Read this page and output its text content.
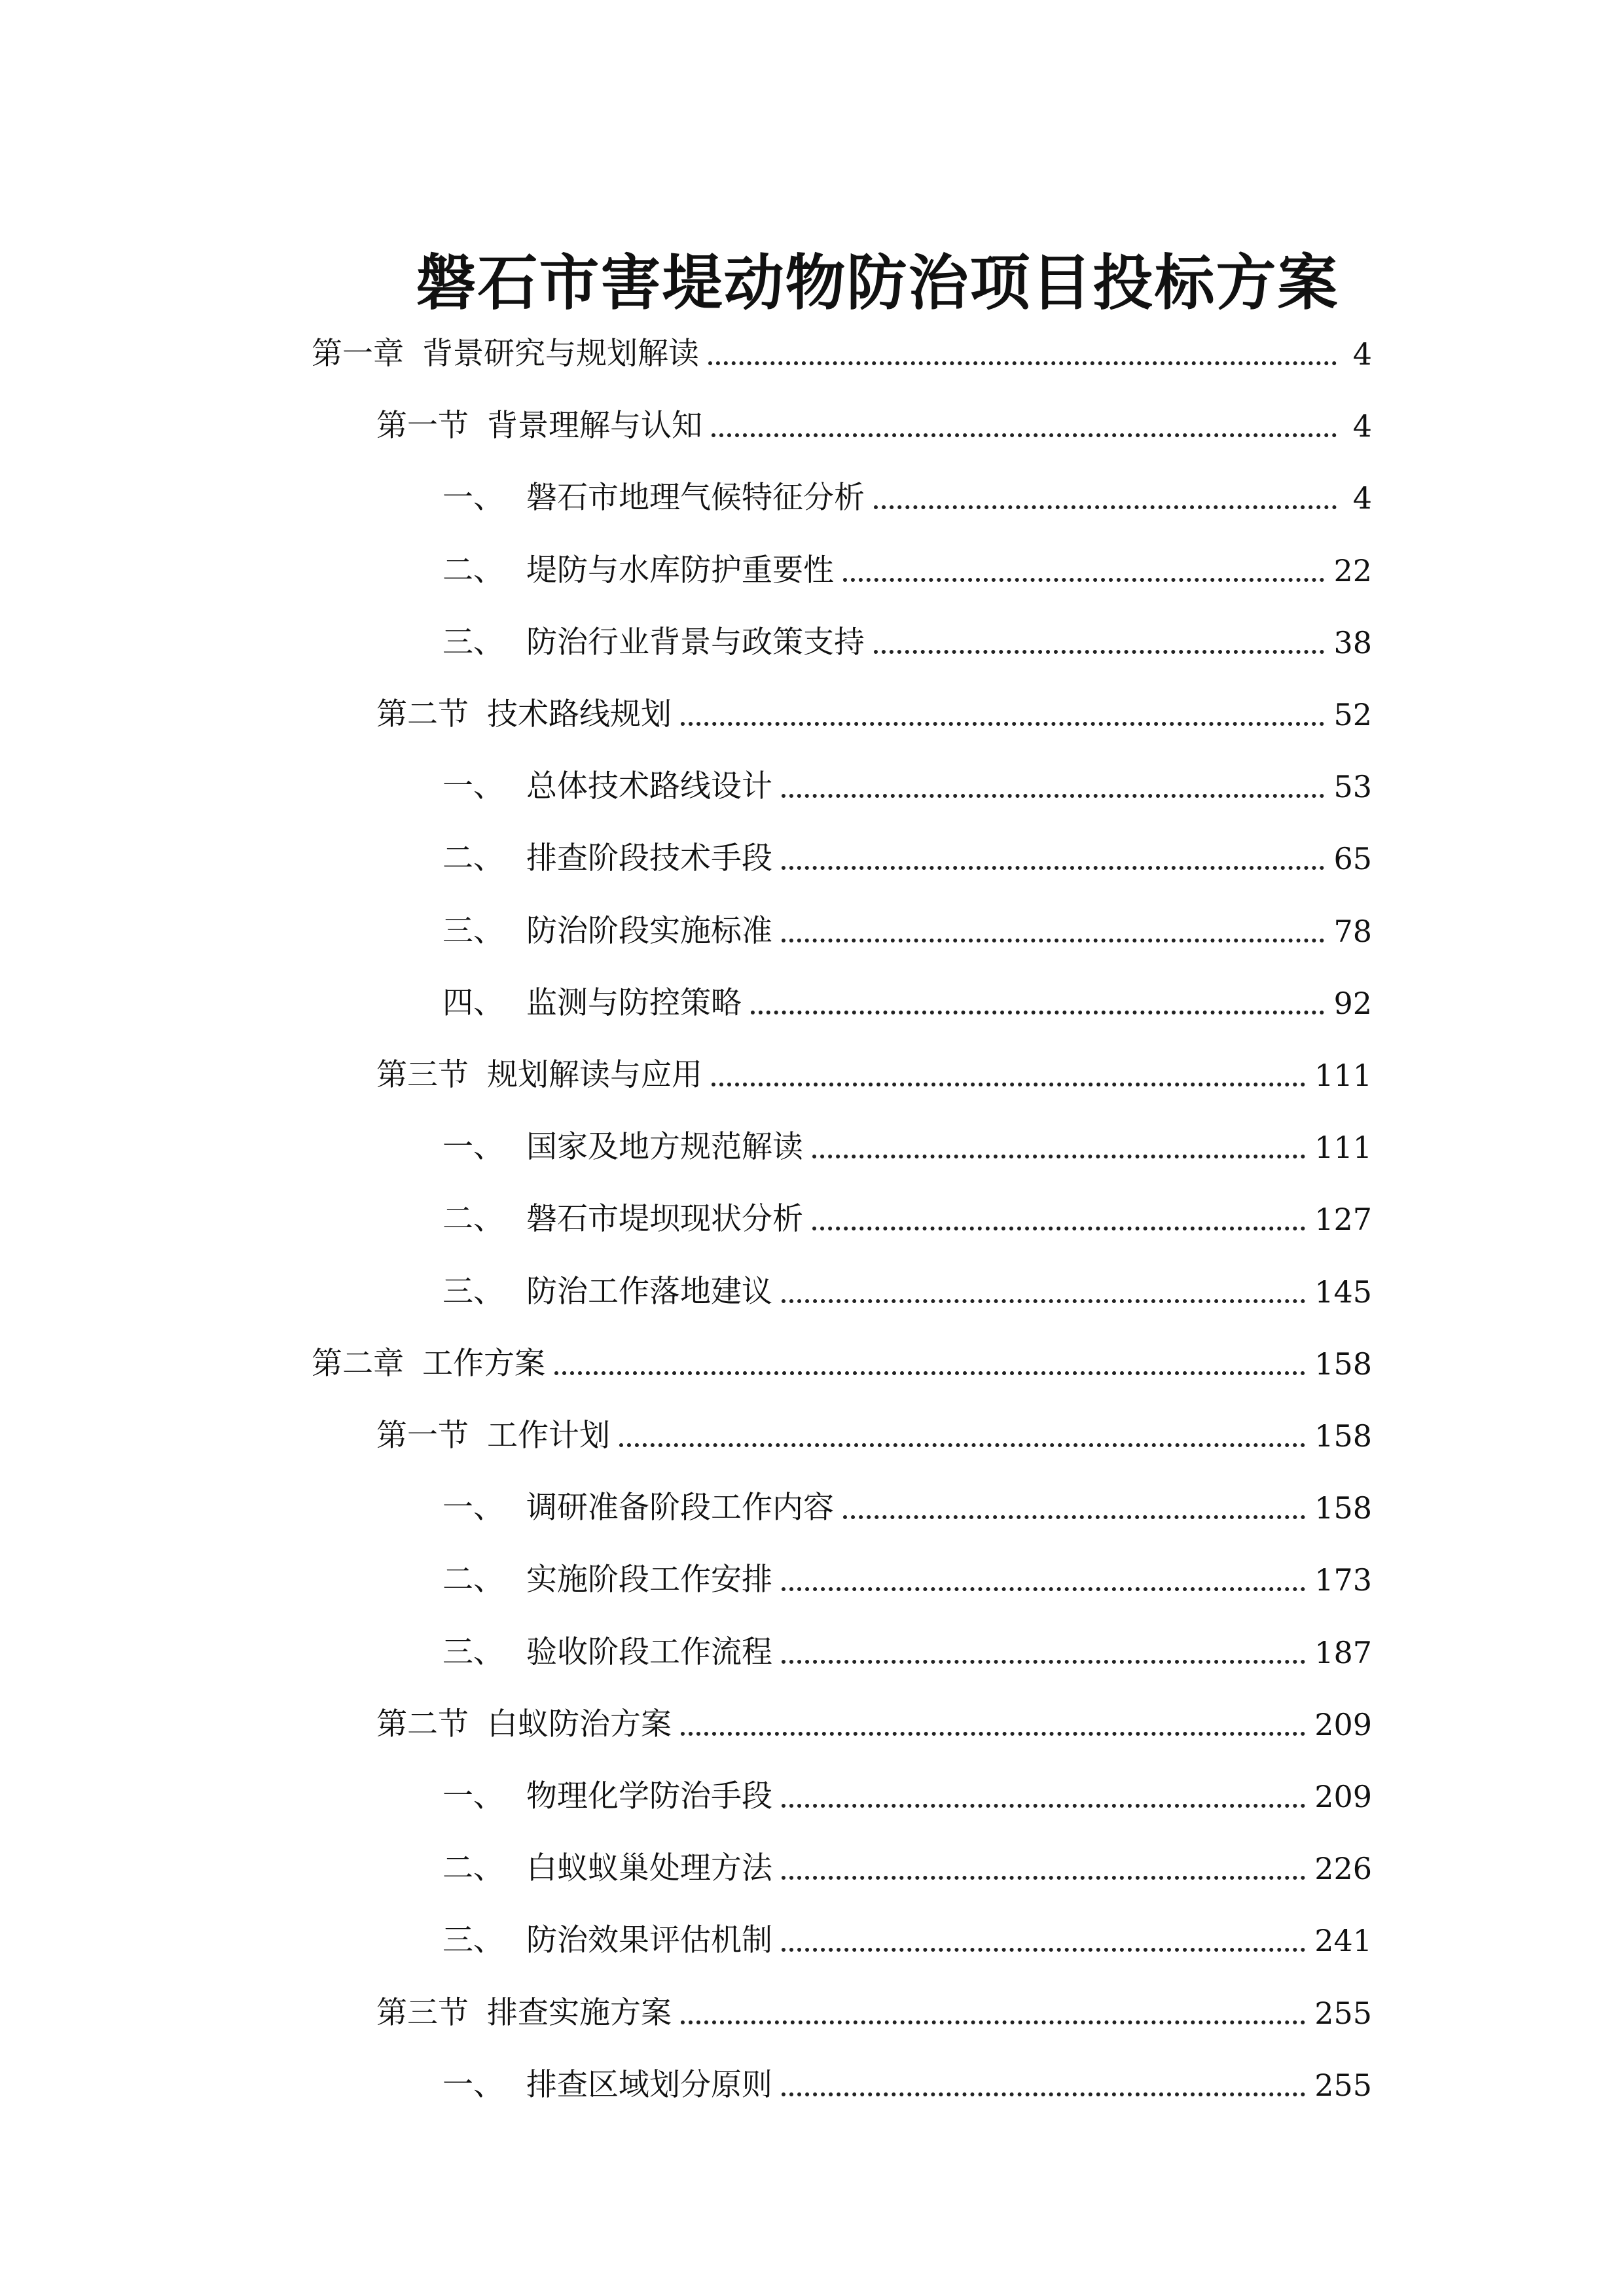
磐石市害堤动物防治项目投标方案
第一章 背景研究与规划解读	4
第一节 背景理解与认知	4
一、 磐石市地理气候特征分析	4
二、 堤防与水库防护重要性	22
三、 防治行业背景与政策支持	38
第二节 技术路线规划	52
一、 总体技术路线设计	53
二、 排查阶段技术手段	65
三、 防治阶段实施标准	78
四、 监测与防控策略	92
第三节 规划解读与应用	111
一、 国家及地方规范解读	111
二、 磐石市堤坝现状分析	127
三、 防治工作落地建议	145
第二章 工作方案	158
第一节 工作计划	158
一、 调研准备阶段工作内容	158
二、 实施阶段工作安排	173
三、 验收阶段工作流程	187
第二节 白蚁防治方案	209
一、 物理化学防治手段	209
二、 白蚁蚁巢处理方法	226
三、 防治效果评估机制	241
第三节 排查实施方案	255
一、 排查区域划分原则	255
